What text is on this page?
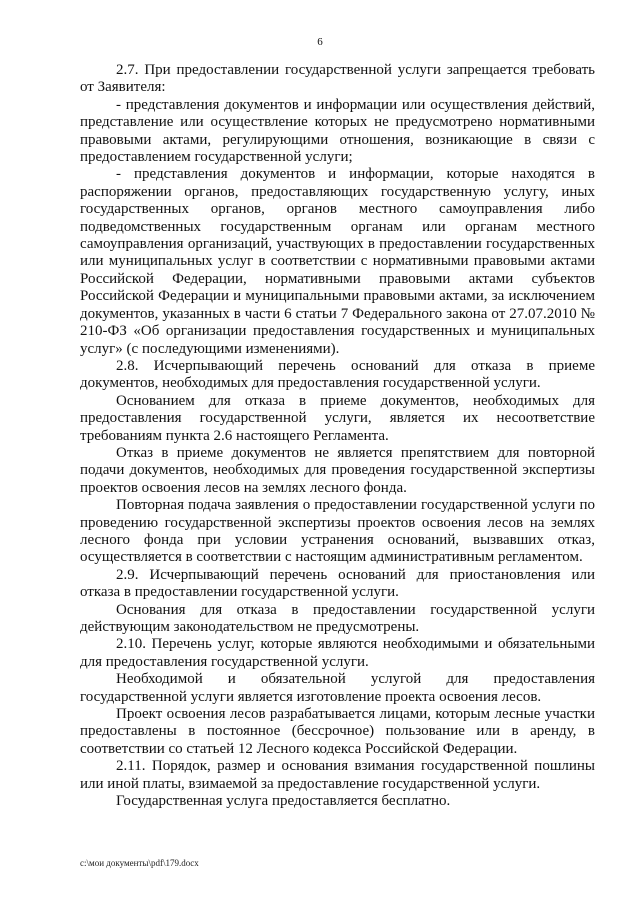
6

2.7. При предоставлении государственной услуги запрещается требовать от Заявителя:

- представления документов и информации или осуществления действий, представление или осуществление которых не предусмотрено нормативными правовыми актами, регулирующими отношения, возникающие в связи с предоставлением государственной услуги;

- представления документов и информации, которые находятся в распоряжении органов, предоставляющих государственную услугу, иных государственных органов, органов местного самоуправления либо подведомственных государственным органам или органам местного самоуправления организаций, участвующих в предоставлении государственных или муниципальных услуг в соответствии с нормативными правовыми актами Российской Федерации, нормативными правовыми актами субъектов Российской Федерации и муниципальными правовыми актами, за исключением документов, указанных в части 6 статьи 7 Федерального закона от 27.07.2010 № 210-ФЗ «Об организации предоставления государственных и муниципальных услуг» (с последующими изменениями).

2.8. Исчерпывающий перечень оснований для отказа в приеме документов, необходимых для предоставления государственной услуги.

Основанием для отказа в приеме документов, необходимых для предоставления государственной услуги, является их несоответствие требованиям пункта 2.6 настоящего Регламента.

Отказ в приеме документов не является препятствием для повторной подачи документов, необходимых для проведения государственной экспертизы проектов освоения лесов на землях лесного фонда.

Повторная подача заявления о предоставлении государственной услуги по проведению государственной экспертизы проектов освоения лесов на землях лесного фонда при условии устранения оснований, вызвавших отказ, осуществляется в соответствии с настоящим административным регламентом.

2.9. Исчерпывающий перечень оснований для приостановления или отказа в предоставлении государственной услуги.

Основания для отказа в предоставлении государственной услуги действующим законодательством не предусмотрены.

2.10. Перечень услуг, которые являются необходимыми и обязательными для предоставления государственной услуги.

Необходимой и обязательной услугой для предоставления государственной услуги является изготовление проекта освоения лесов.

Проект освоения лесов разрабатывается лицами, которым лесные участки предоставлены в постоянное (бессрочное) пользование или в аренду, в соответствии со статьей 12 Лесного кодекса Российской Федерации.

2.11. Порядок, размер и основания взимания государственной пошлины или иной платы, взимаемой за предоставление государственной услуги.

Государственная услуга предоставляется бесплатно.

c:\мои документы\pdf\179.docx
